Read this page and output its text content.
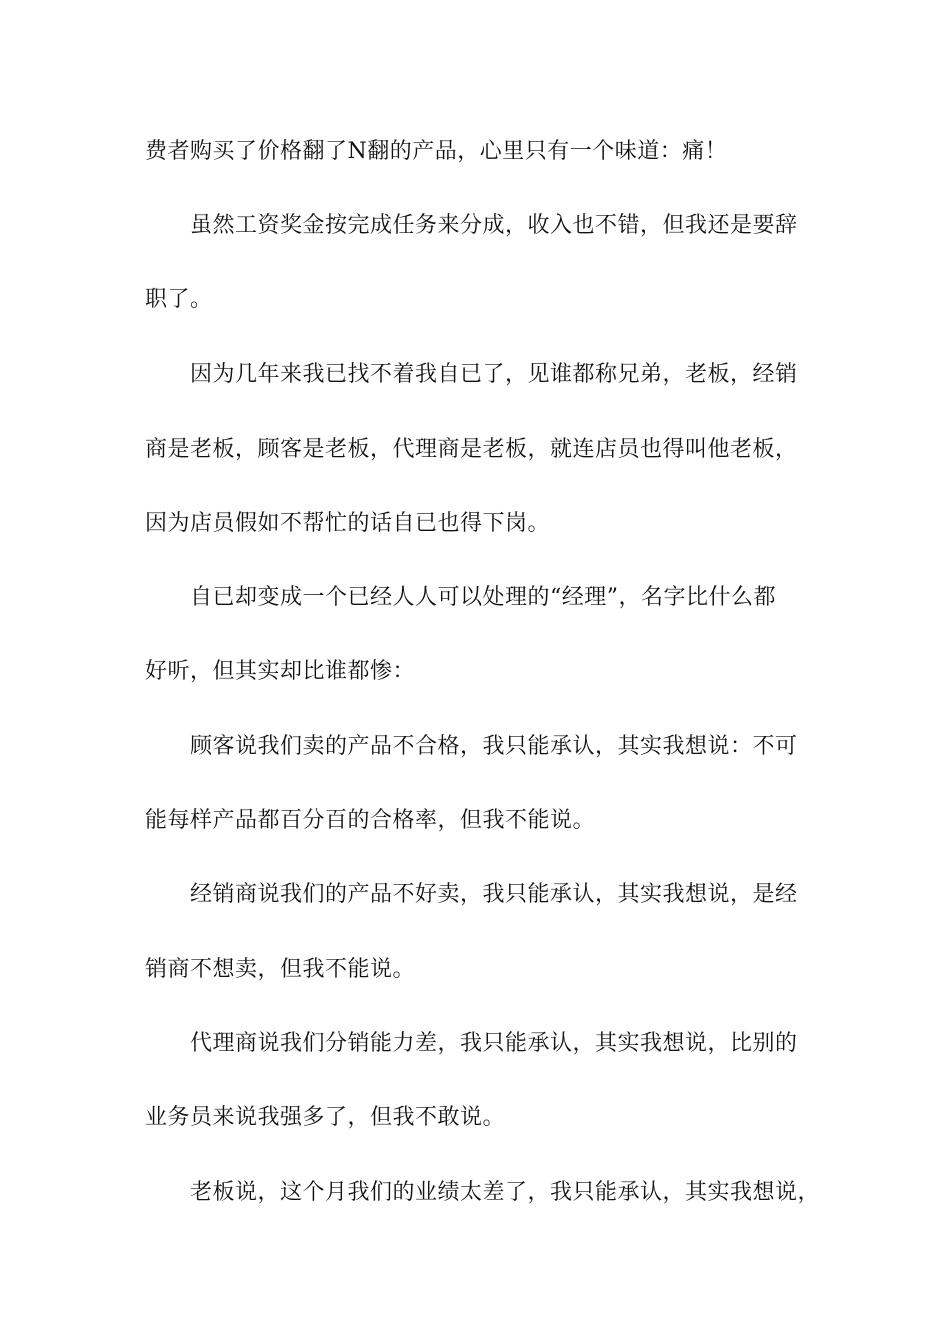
费者购买了价格翻了N翻的产品，心里只有一个味道：痛！
虽然工资奖金按完成任务来分成，收入也不错，但我还是要辞
职了。
因为几年来我已找不着我自已了，见谁都称兄弟，老板，经销
商是老板，顾客是老板，代理商是老板，就连店员也得叫他老板，
因为店员假如不帮忙的话自已也得下岗。
自已却变成一个已经人人可以处理的“经理”，名字比什么都
好听，但其实却比谁都惨：
顾客说我们卖的产品不合格，我只能承认，其实我想说：不可
能每样产品都百分百的合格率，但我不能说。
经销商说我们的产品不好卖，我只能承认，其实我想说，是经
销商不想卖，但我不能说。
代理商说我们分销能力差，我只能承认，其实我想说，比别的
业务员来说我强多了，但我不敢说。
老板说，这个月我们的业绩太差了，我只能承认，其实我想说，
